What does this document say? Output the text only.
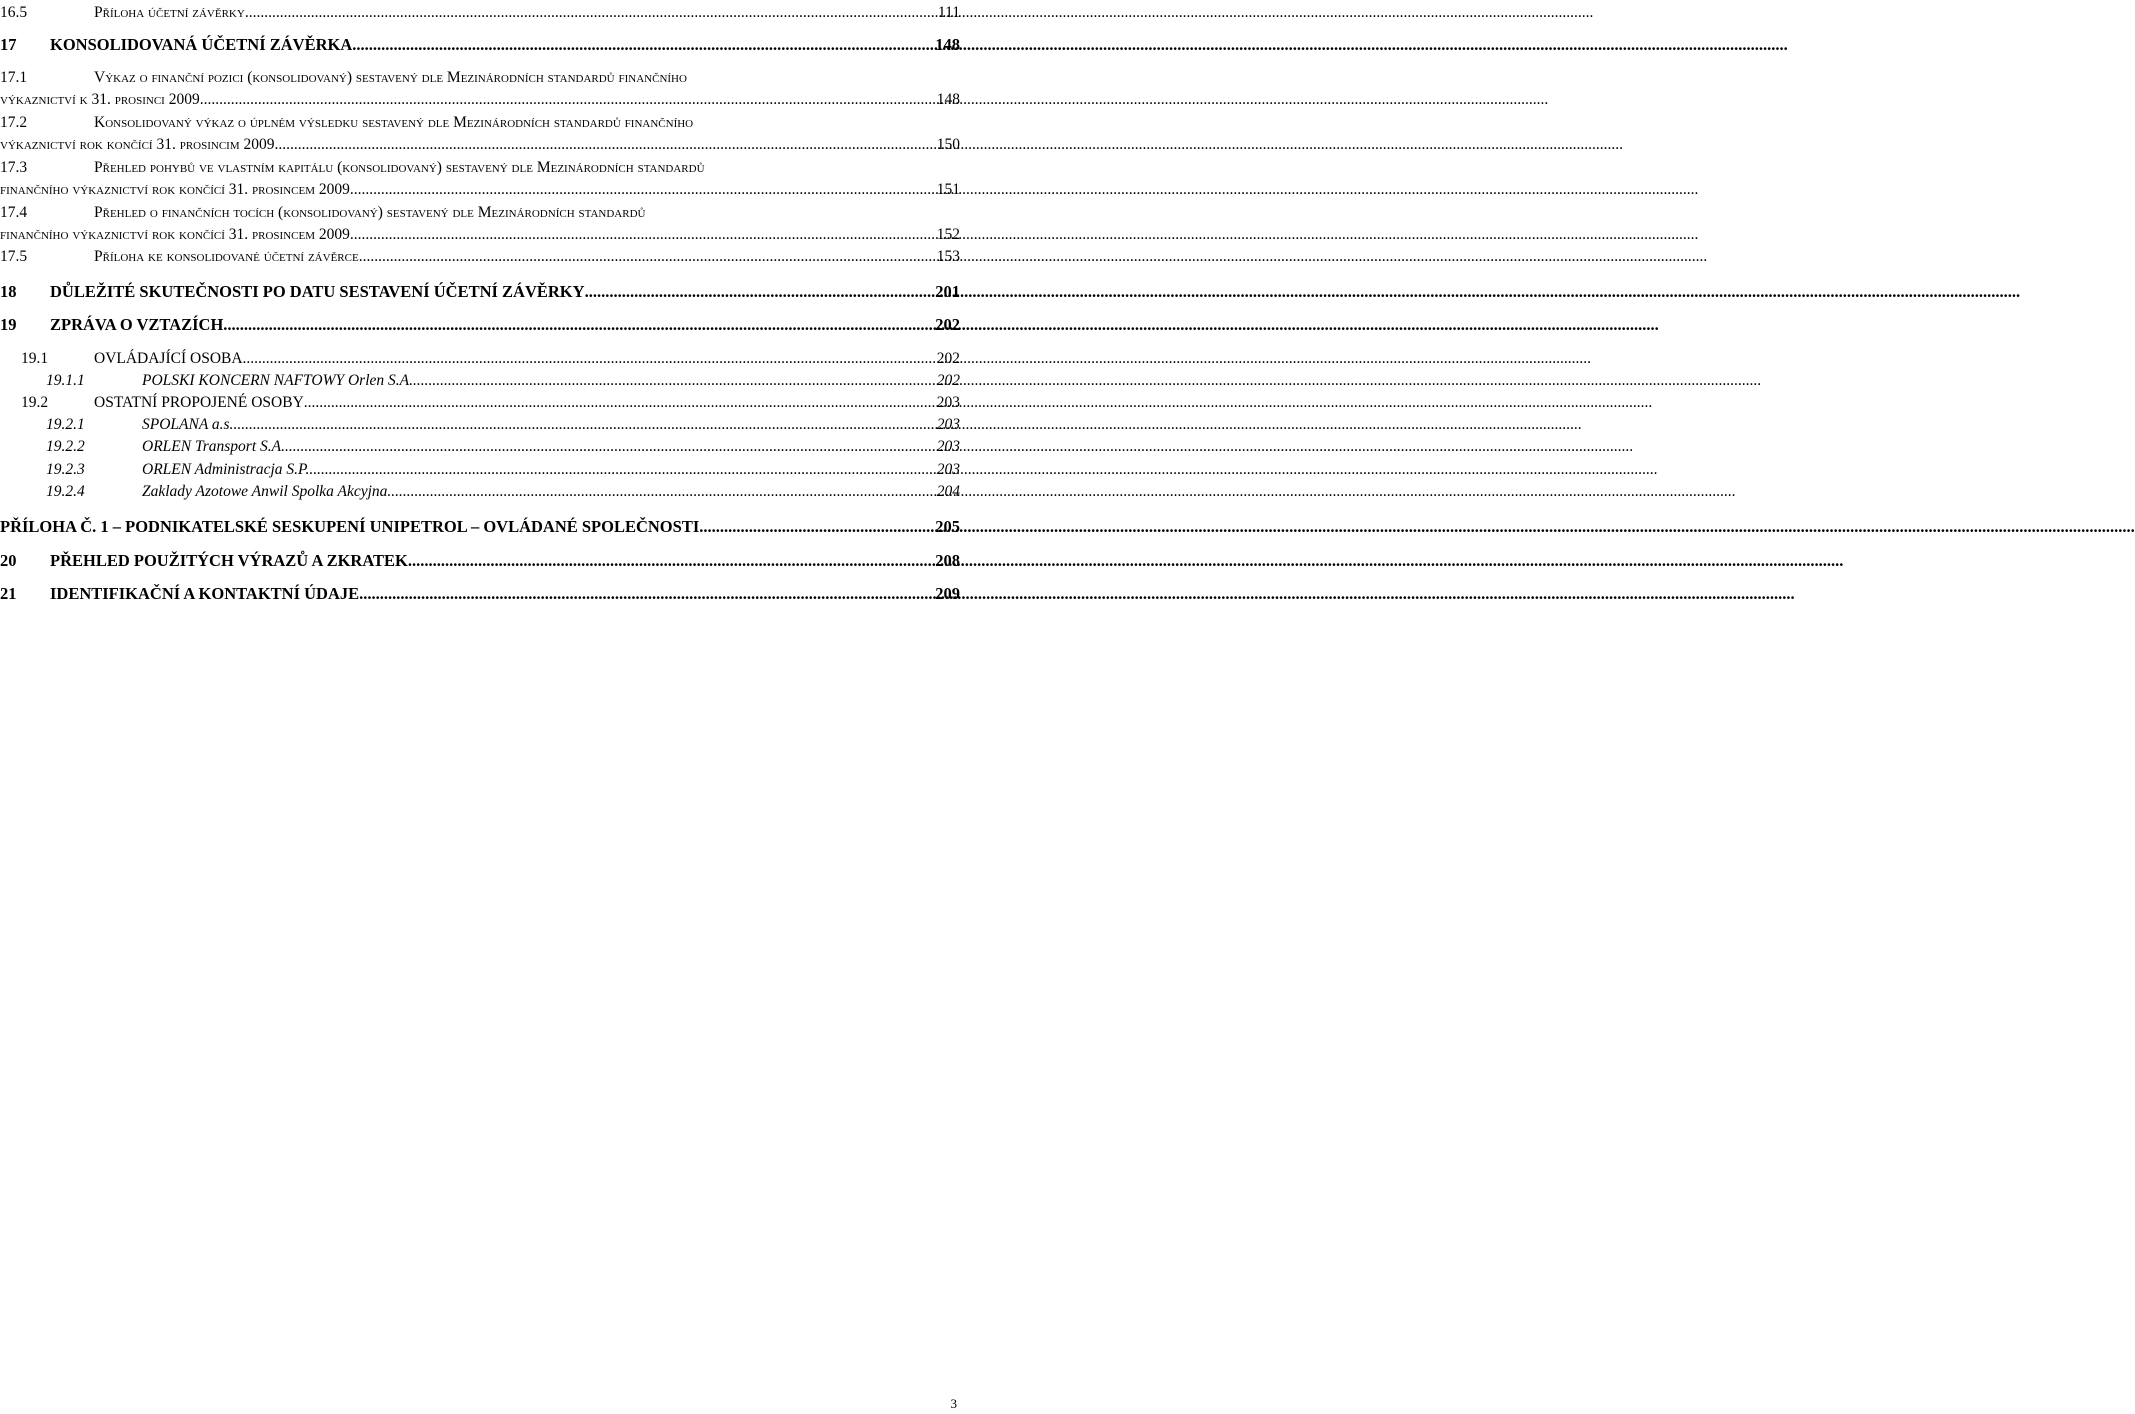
16.5	Příloha účetní závěrky .....	111
17	KONSOLIDOVANÁ ÚČETNÍ ZÁVĚRKA .....	148
17.1	Výkaz o finanční pozici (konsolidovaný) sestavený dle Mezinárodních standardů finančního
výkaznictví k 31. prosinci 2009 .....	148
17.2	Konsolidovaný výkaz o úplném výsledku sestavený dle Mezinárodních standardů finančního
výkaznictví rok končící 31. prosincim 2009 .....	150
17.3	Přehled pohybů ve vlastním kapitálu (konsolidovaný) sestavený dle Mezinárodních standardů
finančního výkaznictví rok končící 31. prosincem 2009 .....	151
17.4	Přehled o finančních tocích (konsolidovaný) sestavený dle Mezinárodních standardů
finančního výkaznictví rok končící 31. prosincem 2009 .....	152
17.5	Příloha ke konsolidované účetní závěrce .....	153
18	DŮLEŽITÉ SKUTEČNOSTI PO DATU SESTAVENÍ ÚČETNÍ ZÁVĚRKY .....	201
19	ZPRÁVA O VZTAZÍCH .....	202
19.1	OVLÁDAJÍCÍ OSOBA .....	202
19.1.1	POLSKI KONCERN NAFTOWY Orlen S.A. .....	202
19.2	OSTATNÍ PROPOJENÉ OSOBY .....	203
19.2.1	SPOLANA a.s. .....	203
19.2.2	ORLEN Transport S.A. .....	203
19.2.3	ORLEN Administracja S.P. .....	203
19.2.4	Zaklady Azotowe Anwil Spolka Akcyjna .....	204
PŘÍLOHA Č. 1 – PODNIKATELSKÉ SESKUPENÍ UNIPETROL – OVLÁDANÉ SPOLEČNOSTI .....	205
20	PŘEHLED POUŽITÝCH VÝRAZŮ A ZKRATEK .....	208
21	IDENTIFIKAČNÍ A KONTAKTNÍ ÚDAJE .....	209
3
